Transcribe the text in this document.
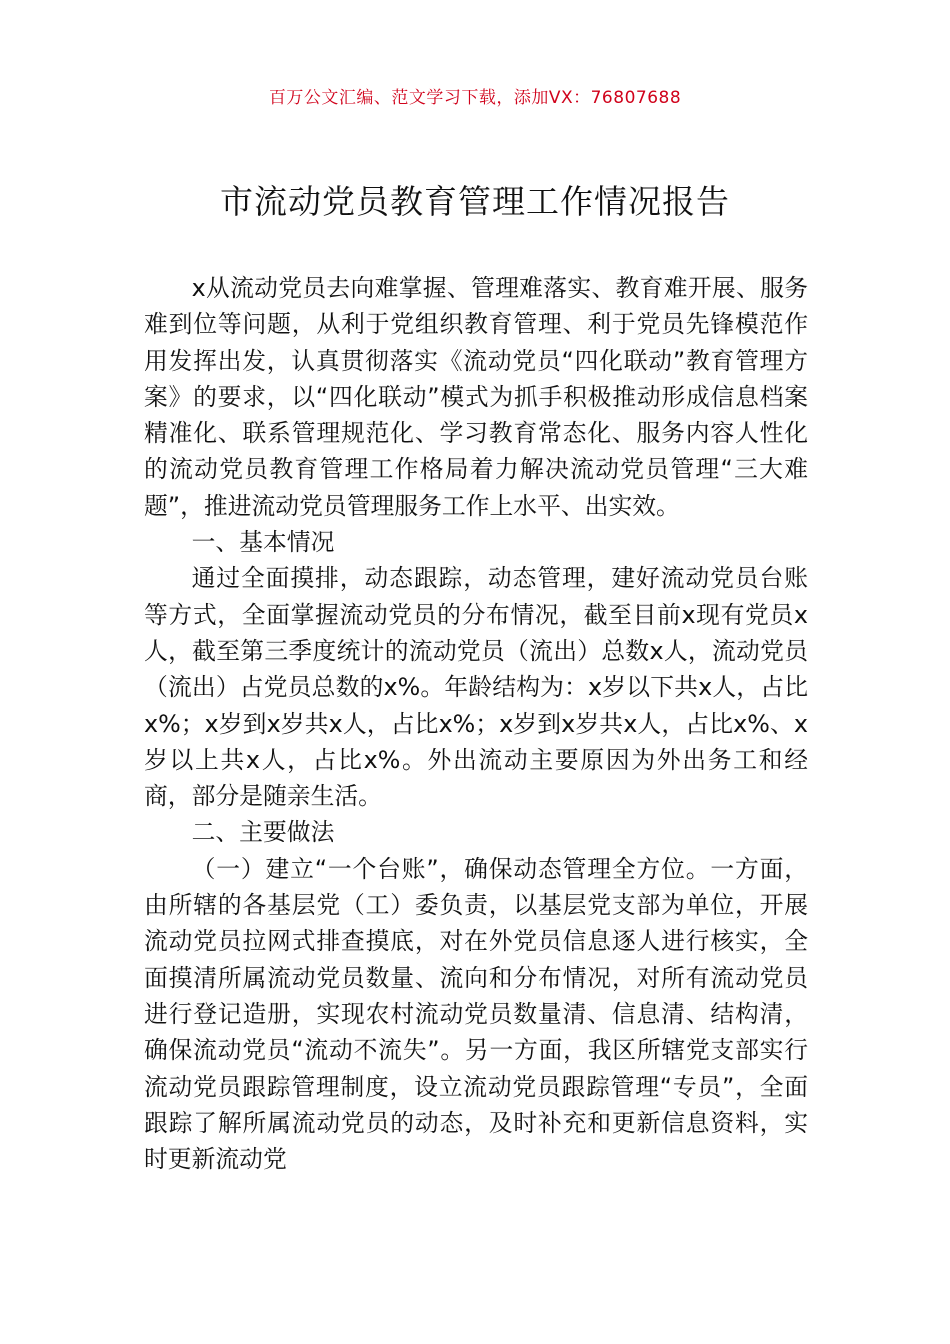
百万公文汇编、范文学习下载，添加VX：76807688
市流动党员教育管理工作情况报告

x从流动党员去向难掌握、管理难落实、教育难开展、服务难到位等问题，从利于党组织教育管理、利于党员先锋模范作用发挥出发，认真贯彻落实《流动党员“四化联动”教育管理方案》的要求，以“四化联动”模式为抓手积极推动形成信息档案精准化、联系管理规范化、学习教育常态化、服务内容人性化的流动党员教育管理工作格局着力解决流动党员管理“三大难题”，推进流动党员管理服务工作上水平、出实效。

一、基本情况

通过全面摸排，动态跟踪，动态管理，建好流动党员台账等方式，全面掌握流动党员的分布情况，截至目前x现有党员x人，截至第三季度统计的流动党员（流出）总数x人，流动党员（流出）占党员总数的x%。年龄结构为：x岁以下共x人，占比x%；x岁到x岁共x人，占比x%；x岁到x岁共x人，占比x%、x岁以上共x人，占比x%。外出流动主要原因为外出务工和经商，部分是随亲生活。

二、主要做法

（一）建立“一个台账”，确保动态管理全方位。一方面，由所辖的各基层党（工）委负责，以基层党支部为单位，开展流动党员拉网式排查摸底，对在外党员信息逐人进行核实，全面摸清所属流动党员数量、流向和分布情况，对所有流动党员进行登记造册，实现农村流动党员数量清、信息清、结构清，确保流动党员“流动不流失”。另一方面，我区所辖党支部实行流动党员跟踪管理制度，设立流动党员跟踪管理“专员”，全面跟踪了解所属流动党员的动态，及时补充和更新信息资料，实时更新流动党
